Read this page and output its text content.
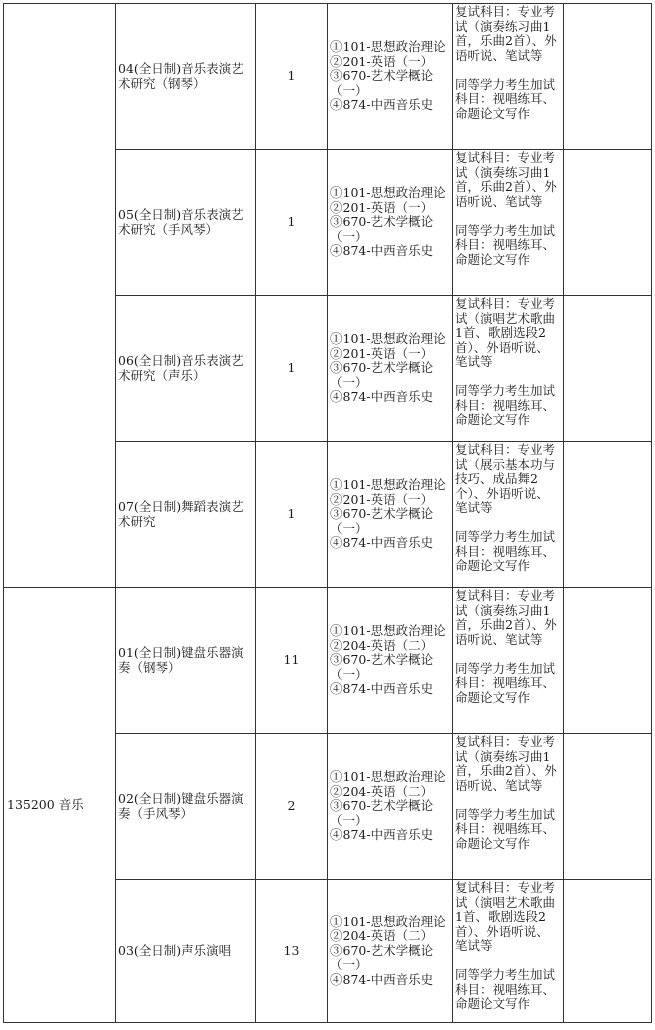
	04(全日制)音乐表演艺术研究（钢琴）	1	①101-思想政治理论
②201-英语（一）
③670-艺术学概论（一）
④874-中西音乐史	复试科目：专业考试（演奏练习曲1首，乐曲2首）、外语听说、笔试等
同等学力考生加试科目：视唱练耳、命题论文写作	

	05(全日制)音乐表演艺术研究（手风琴）	1	①101-思想政治理论
②201-英语（一）
③670-艺术学概论（一）
④874-中西音乐史	复试科目：专业考试（演奏练习曲1首，乐曲2首）、外语听说、笔试等
同等学力考生加试科目：视唱练耳、命题论文写作	

	06(全日制)音乐表演艺术研究（声乐）	1	①101-思想政治理论
②201-英语（一）
③670-艺术学概论（一）
④874-中西音乐史	复试科目：专业考试（演唱艺术歌曲1首、歌剧选段2首）、外语听说、笔试等
同等学力考生加试科目：视唱练耳、命题论文写作	

	07(全日制)舞蹈表演艺术研究	1	①101-思想政治理论
②201-英语（一）
③670-艺术学概论（一）
④874-中西音乐史	复试科目：专业考试（展示基本功与技巧、成品舞2个）、外语听说、笔试等
同等学力考生加试科目：视唱练耳、命题论文写作	

135200 音乐	01(全日制)键盘乐器演奏（钢琴）	11	①101-思想政治理论
②204-英语（二）
③670-艺术学概论（一）
④874-中西音乐史	复试科目：专业考试（演奏练习曲1首，乐曲2首）、外语听说、笔试等
同等学力考生加试科目：视唱练耳、命题论文写作	

	02(全日制)键盘乐器演奏（手风琴）	2	①101-思想政治理论
②204-英语（二）
③670-艺术学概论（一）
④874-中西音乐史	复试科目：专业考试（演奏练习曲1首，乐曲2首）、外语听说、笔试等
同等学力考生加试科目：视唱练耳、命题论文写作	

	03(全日制)声乐演唱	13	①101-思想政治理论
②204-英语（二）
③670-艺术学概论（一）
④874-中西音乐史	复试科目：专业考试（演唱艺术歌曲1首、歌剧选段2首）、外语听说、笔试等
同等学力考生加试科目：视唱练耳、命题论文写作	
